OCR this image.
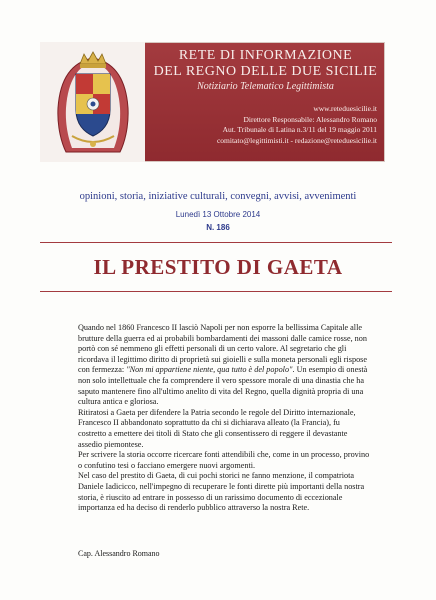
RETE DI INFORMAZIONE
DEL REGNO DELLE DUE SICILIE
Notiziario Telematico Legittimista
www.reteduesicilie.it
Direttore Responsabile: Alessandro Romano
Aut. Tribunale di Latina n.3/11 del 19 maggio 2011
comitato@legittimisti.it - redazione@reteduesicilie.it
opinioni, storia, iniziative culturali, convegni, avvisi, avvenimenti
Lunedì 13 Ottobre 2014
N. 186
IL PRESTITO DI GAETA

Quando nel 1860 Francesco II lasciò Napoli per non esporre la bellissima Capitale alle brutture della guerra ed ai probabili bombardamenti dei massoni dalle camice rosse, non portò con sé nemmeno gli effetti personali di un certo valore. Al segretario che gli ricordava il legittimo diritto di proprietà sui gioielli e sulla moneta personali egli rispose con fermezza: "Non mi appartiene niente, qua tutto è del popolo". Un esempio di onestà non solo intellettuale che fa comprendere il vero spessore morale di una dinastia che ha saputo mantenere fino all'ultimo anelito di vita del Regno, quella dignità propria di una cultura antica e gloriosa.

Ritiratosi a Gaeta per difendere la Patria secondo le regole del Diritto internazionale, Francesco II abbandonato soprattutto da chi si dichiarava alleato (la Francia), fu costretto a emettere dei titoli di Stato che gli consentissero di reggere il devastante assedio piemontese.

Per scrivere la storia occorre ricercare fonti attendibili che, come in un processo, provino o confutino tesi o facciano emergere nuovi argomenti.

Nel caso del prestito di Gaeta, di cui pochi storici ne fanno menzione, il compatriota Daniele Iadicicco, nell'impegno di recuperare le fonti dirette più importanti della nostra storia, è riuscito ad entrare in possesso di un rarissimo documento di eccezionale importanza ed ha deciso di renderlo pubblico attraverso la nostra Rete.

Cap. Alessandro Romano
